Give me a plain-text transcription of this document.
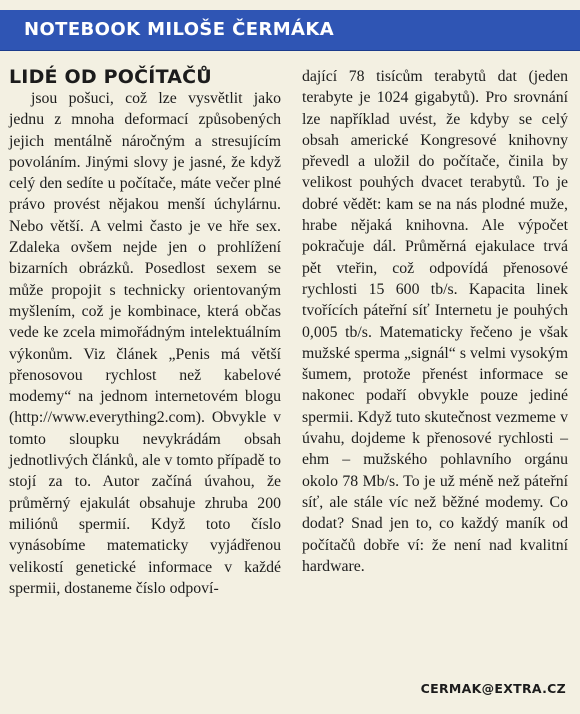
NOTEBOOK MILOŠE ČERMÁKA
LIDÉ OD POČÍTAČŮ

jsou pošuci, což lze vysvětlit jako jednu z mnoha deformací způsobených jejich mentálně náročným a stresujícím povoláním. Jinými slovy je jasné, že když celý den sedíte u počítače, máte večer plné právo provést nějakou menší úchylárnu. Nebo větší. A velmi často je ve hře sex. Zdaleka ovšem nejde jen o prohlížení bizarních obrázků. Posedlost sexem se může propojit s technicky orientovaným myšlením, což je kombinace, která občas vede ke zcela mimořádným intelektuálním výkonům. Viz článek „Penis má větší přenosovou rychlost než kabelové modemy“ na jednom internetovém blogu (http://www.everything2.com). Obvykle v tomto sloupku nevykrádám obsah jednotlivých článků, ale v tomto případě to stojí za to. Autor začíná úvahou, že průměrný ejakulát obsahuje zhruba 200 miliónů spermií. Když toto číslo vynásobíme matematicky vyjádřenou velikostí genetické informace v každé spermii, dostaneme číslo odpoví-

dající 78 tisícům terabytů dat (jeden terabyte je 1024 gigabytů). Pro srovnání lze například uvést, že kdyby se celý obsah americké Kongresové knihovny převedl a uložil do počítače, činila by velikost pouhých dvacet terabytů. To je dobré vědět: kam se na nás plodné muže, hrabe nějaká knihovna. Ale výpočet pokračuje dál. Průměrná ejakulace trvá pět vteřin, což odpovídá přenosové rychlosti 15 600 tb/s. Kapacita linek tvořících páteřní síť Internetu je pouhých 0,005 tb/s. Matematicky řečeno je však mužské sperma „signál“ s velmi vysokým šumem, protože přenést informace se nakonec podaří obvykle pouze jediné spermii. Když tuto skutečnost vezmeme v úvahu, dojdeme k přenosové rychlosti – ehm – mužského pohlavního orgánu okolo 78 Mb/s. To je už méně než páteřní síť, ale stále víc než běžné modemy. Co dodat? Snad jen to, co každý maník od počítačů dobře ví: že není nad kvalitní hardware.

CERMAK@EXTRA.CZ
